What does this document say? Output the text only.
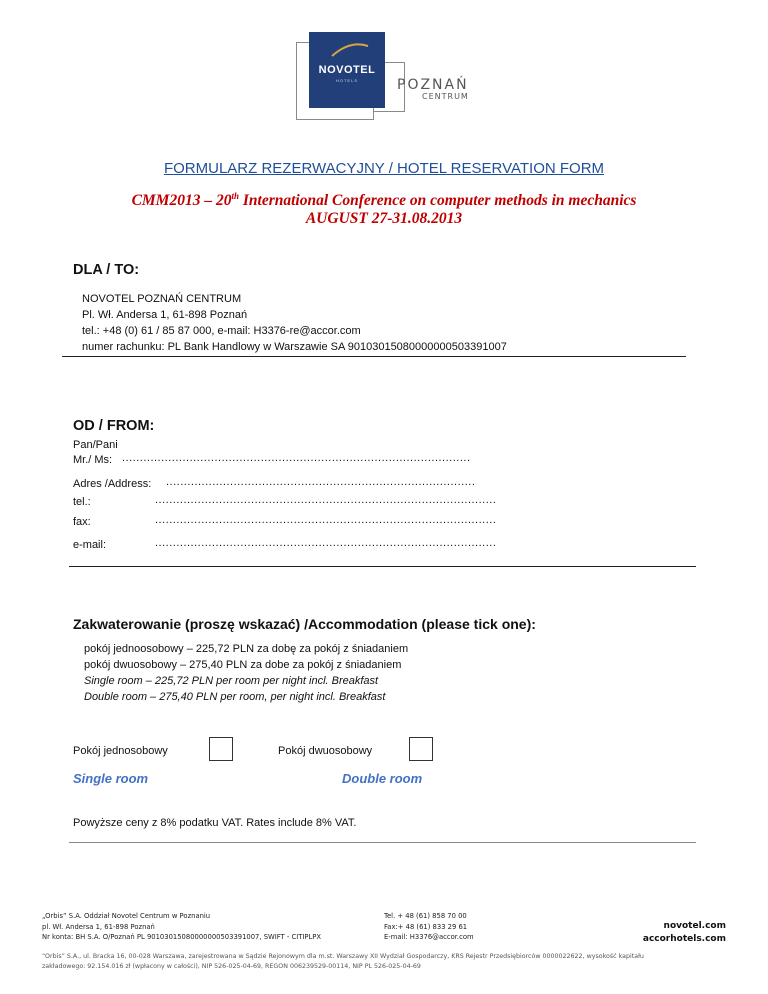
NOVOTEL
HOTELS	POZNAŃ
CENTRUM
FORMULARZ REZERWACYJNY / HOTEL RESERVATION FORM
CMM2013 – 20th International Conference on computer methods in mechanics
AUGUST 27-31.08.2013
DLA / TO:
NOVOTEL POZNAŃ CENTRUM
Pl. Wł. Andersa 1, 61-898 Poznań
tel.: +48 (0) 61 / 85 87 000, e-mail: H3376-re@accor.com
numer rachunku: PL Bank Handlowy w Warszawie SA 90103015080000000503391007
OD / FROM:
Pan/Pani
Mr./ Ms: ..................................................................................................
Adres /Address: .......................................................................................
tel.:	................................................................................................
fax:	................................................................................................
e-mail:	................................................................................................
Zakwaterowanie (proszę wskazać) /Accommodation (please tick one):
pokój jednoosobowy – 225,72 PLN za dobę za pokój z śniadaniem
pokój dwuosobowy – 275,40 PLN za dobe za pokój z śniadaniem
Single room – 225,72 PLN per room per night incl. Breakfast
Double room – 275,40 PLN per room, per night incl. Breakfast
Pokój jednosobowy	Pokój dwuosobowy
Single room	Double room
Powyższe ceny z 8% podatku VAT. Rates include 8% VAT.
„Orbis” S.A. Oddział Novotel Centrum w Poznaniu
pl. Wł. Andersa 1, 61-898 Poznań
Nr konta: BH S.A. O/Poznań PL 90103015080000000503391007, SWIFT - CITIPLPX
Tel. + 48 (61) 858 70 00
Fax:+ 48 (61) 833 29 61
E-mail: H3376@accor.com
novotel.com
accorhotels.com
“Orbis” S.A., ul. Bracka 16, 00-028 Warszawa, zarejestrowana w Sądzie Rejonowym dla m.st. Warszawy XII Wydział Gospodarczy, KRS Rejestr Przedsiębiorców 0000022622, wysokość kapitału
zakładowego: 92.154.016 zł (wpłacony w całości), NIP 526-025-04-69, REGON 006239529-00114, NIP PL 526-025-04-69
